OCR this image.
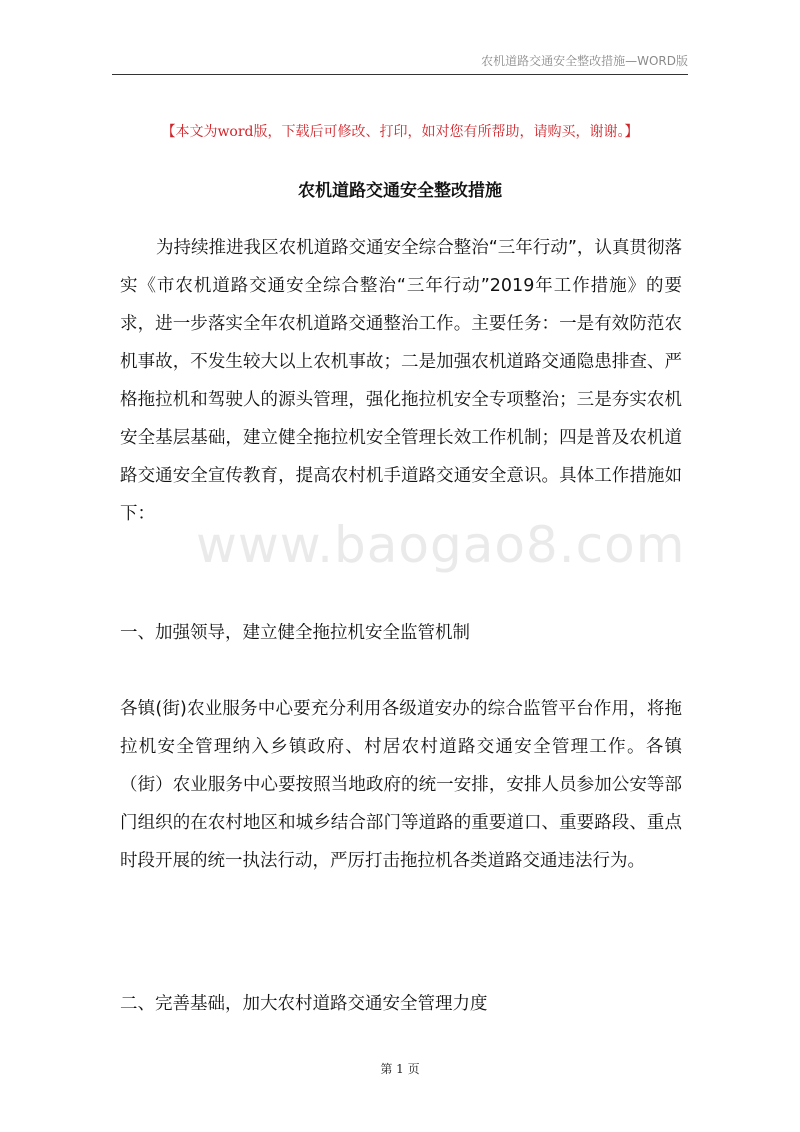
农机道路交通安全整改措施—WORD版
【本文为word版，下载后可修改、打印，如对您有所帮助，请购买，谢谢。】
农机道路交通安全整改措施
为持续推进我区农机道路交通安全综合整治“三年行动”，认真贯彻落实《市农机道路交通安全综合整治“三年行动”2019年工作措施》的要求，进一步落实全年农机道路交通整治工作。主要任务：一是有效防范农机事故，不发生较大以上农机事故；二是加强农机道路交通隐患排查、严格拖拉机和驾驶人的源头管理，强化拖拉机安全专项整治；三是夯实农机安全基层基础，建立健全拖拉机安全管理长效工作机制；四是普及农机道路交通安全宣传教育，提高农村机手道路交通安全意识。具体工作措施如下：
www.baogao8.com
一、加强领导，建立健全拖拉机安全监管机制
各镇(街)农业服务中心要充分利用各级道安办的综合监管平台作用，将拖拉机安全管理纳入乡镇政府、村居农村道路交通安全管理工作。各镇（街）农业服务中心要按照当地政府的统一安排，安排人员参加公安等部门组织的在农村地区和城乡结合部门等道路的重要道口、重要路段、重点时段开展的统一执法行动，严厉打击拖拉机各类道路交通违法行为。
二、完善基础，加大农村道路交通安全管理力度
第 1 页
